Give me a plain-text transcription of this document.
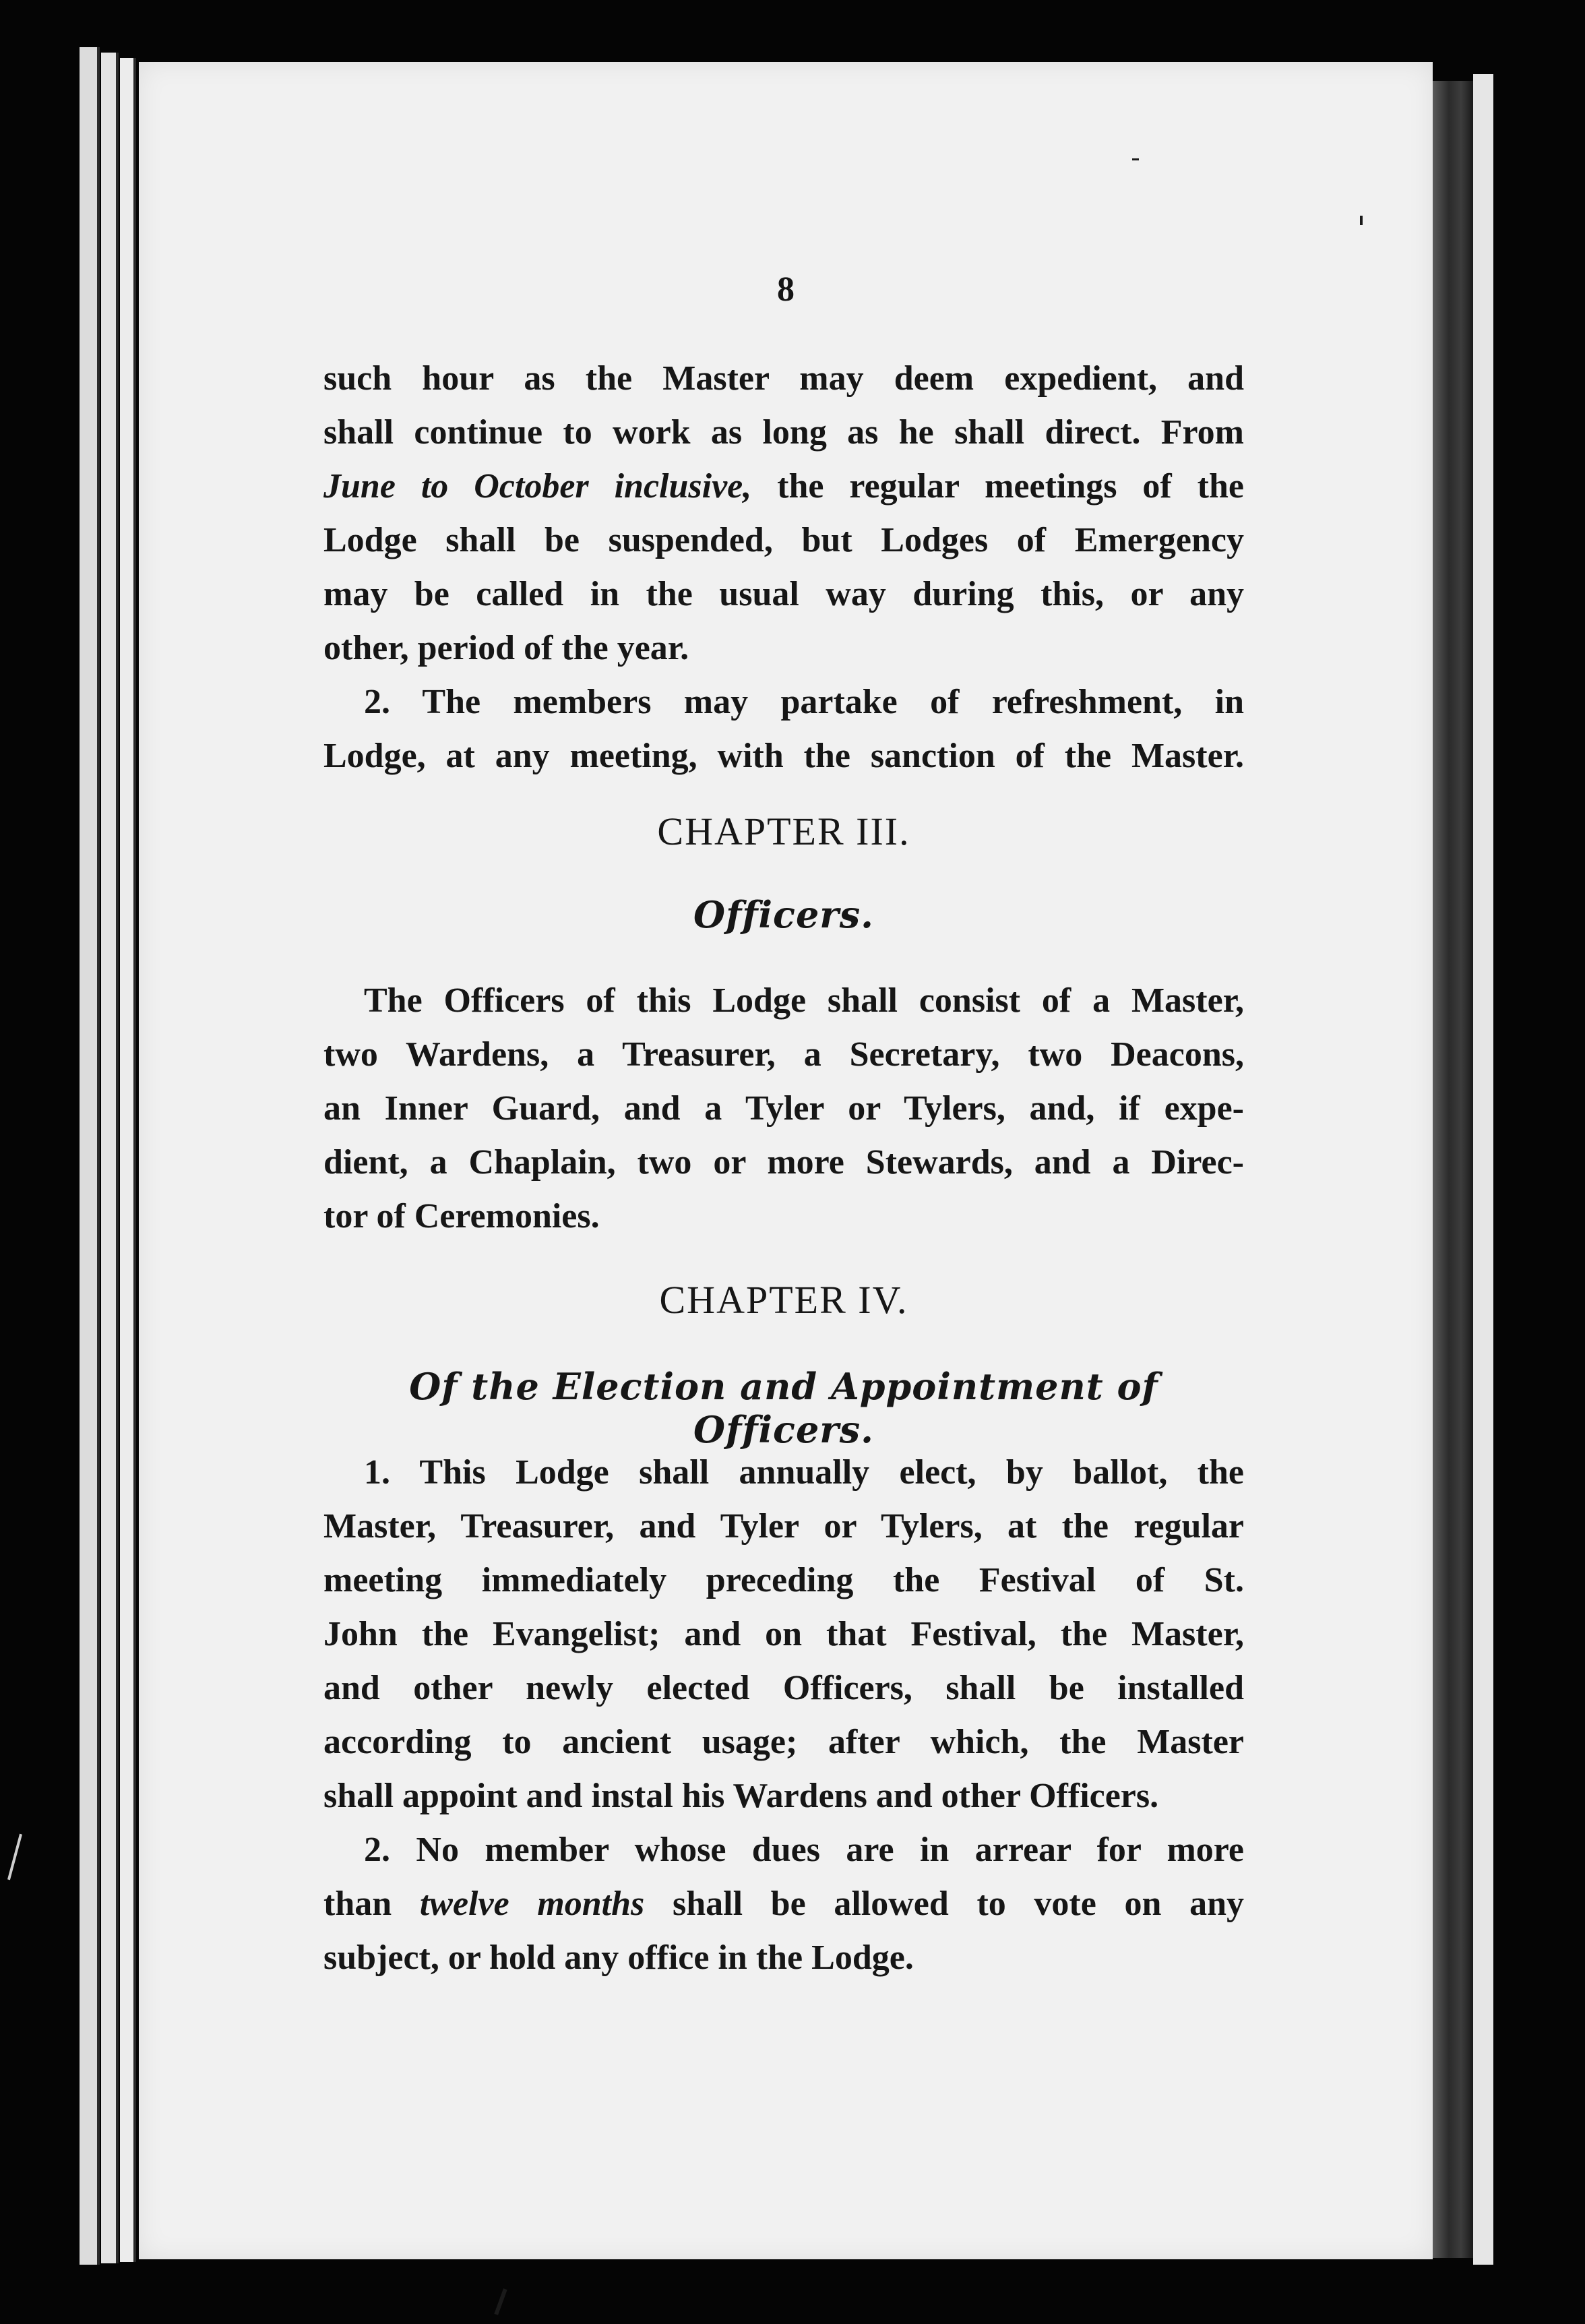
8
such hour as the Master may deem expedient, and
shall continue to work as long as he shall direct. From
June to October inclusive, the regular meetings of the
Lodge shall be suspended, but Lodges of Emergency
may be called in the usual way during this, or any
other, period of the year.
2. The members may partake of refreshment, in
Lodge, at any meeting, with the sanction of the Master.
CHAPTER III.
Officers.
The Officers of this Lodge shall consist of a Master,
two Wardens, a Treasurer, a Secretary, two Deacons,
an Inner Guard, and a Tyler or Tylers, and, if expe-
dient, a Chaplain, two or more Stewards, and a Direc-
tor of Ceremonies.
CHAPTER IV.
Of the Election and Appointment of Officers.
1. This Lodge shall annually elect, by ballot, the
Master, Treasurer, and Tyler or Tylers, at the regular
meeting immediately preceding the Festival of St.
John the Evangelist; and on that Festival, the Master,
and other newly elected Officers, shall be installed
according to ancient usage; after which, the Master
shall appoint and instal his Wardens and other Officers.
2. No member whose dues are in arrear for more
than twelve months shall be allowed to vote on any
subject, or hold any office in the Lodge.
